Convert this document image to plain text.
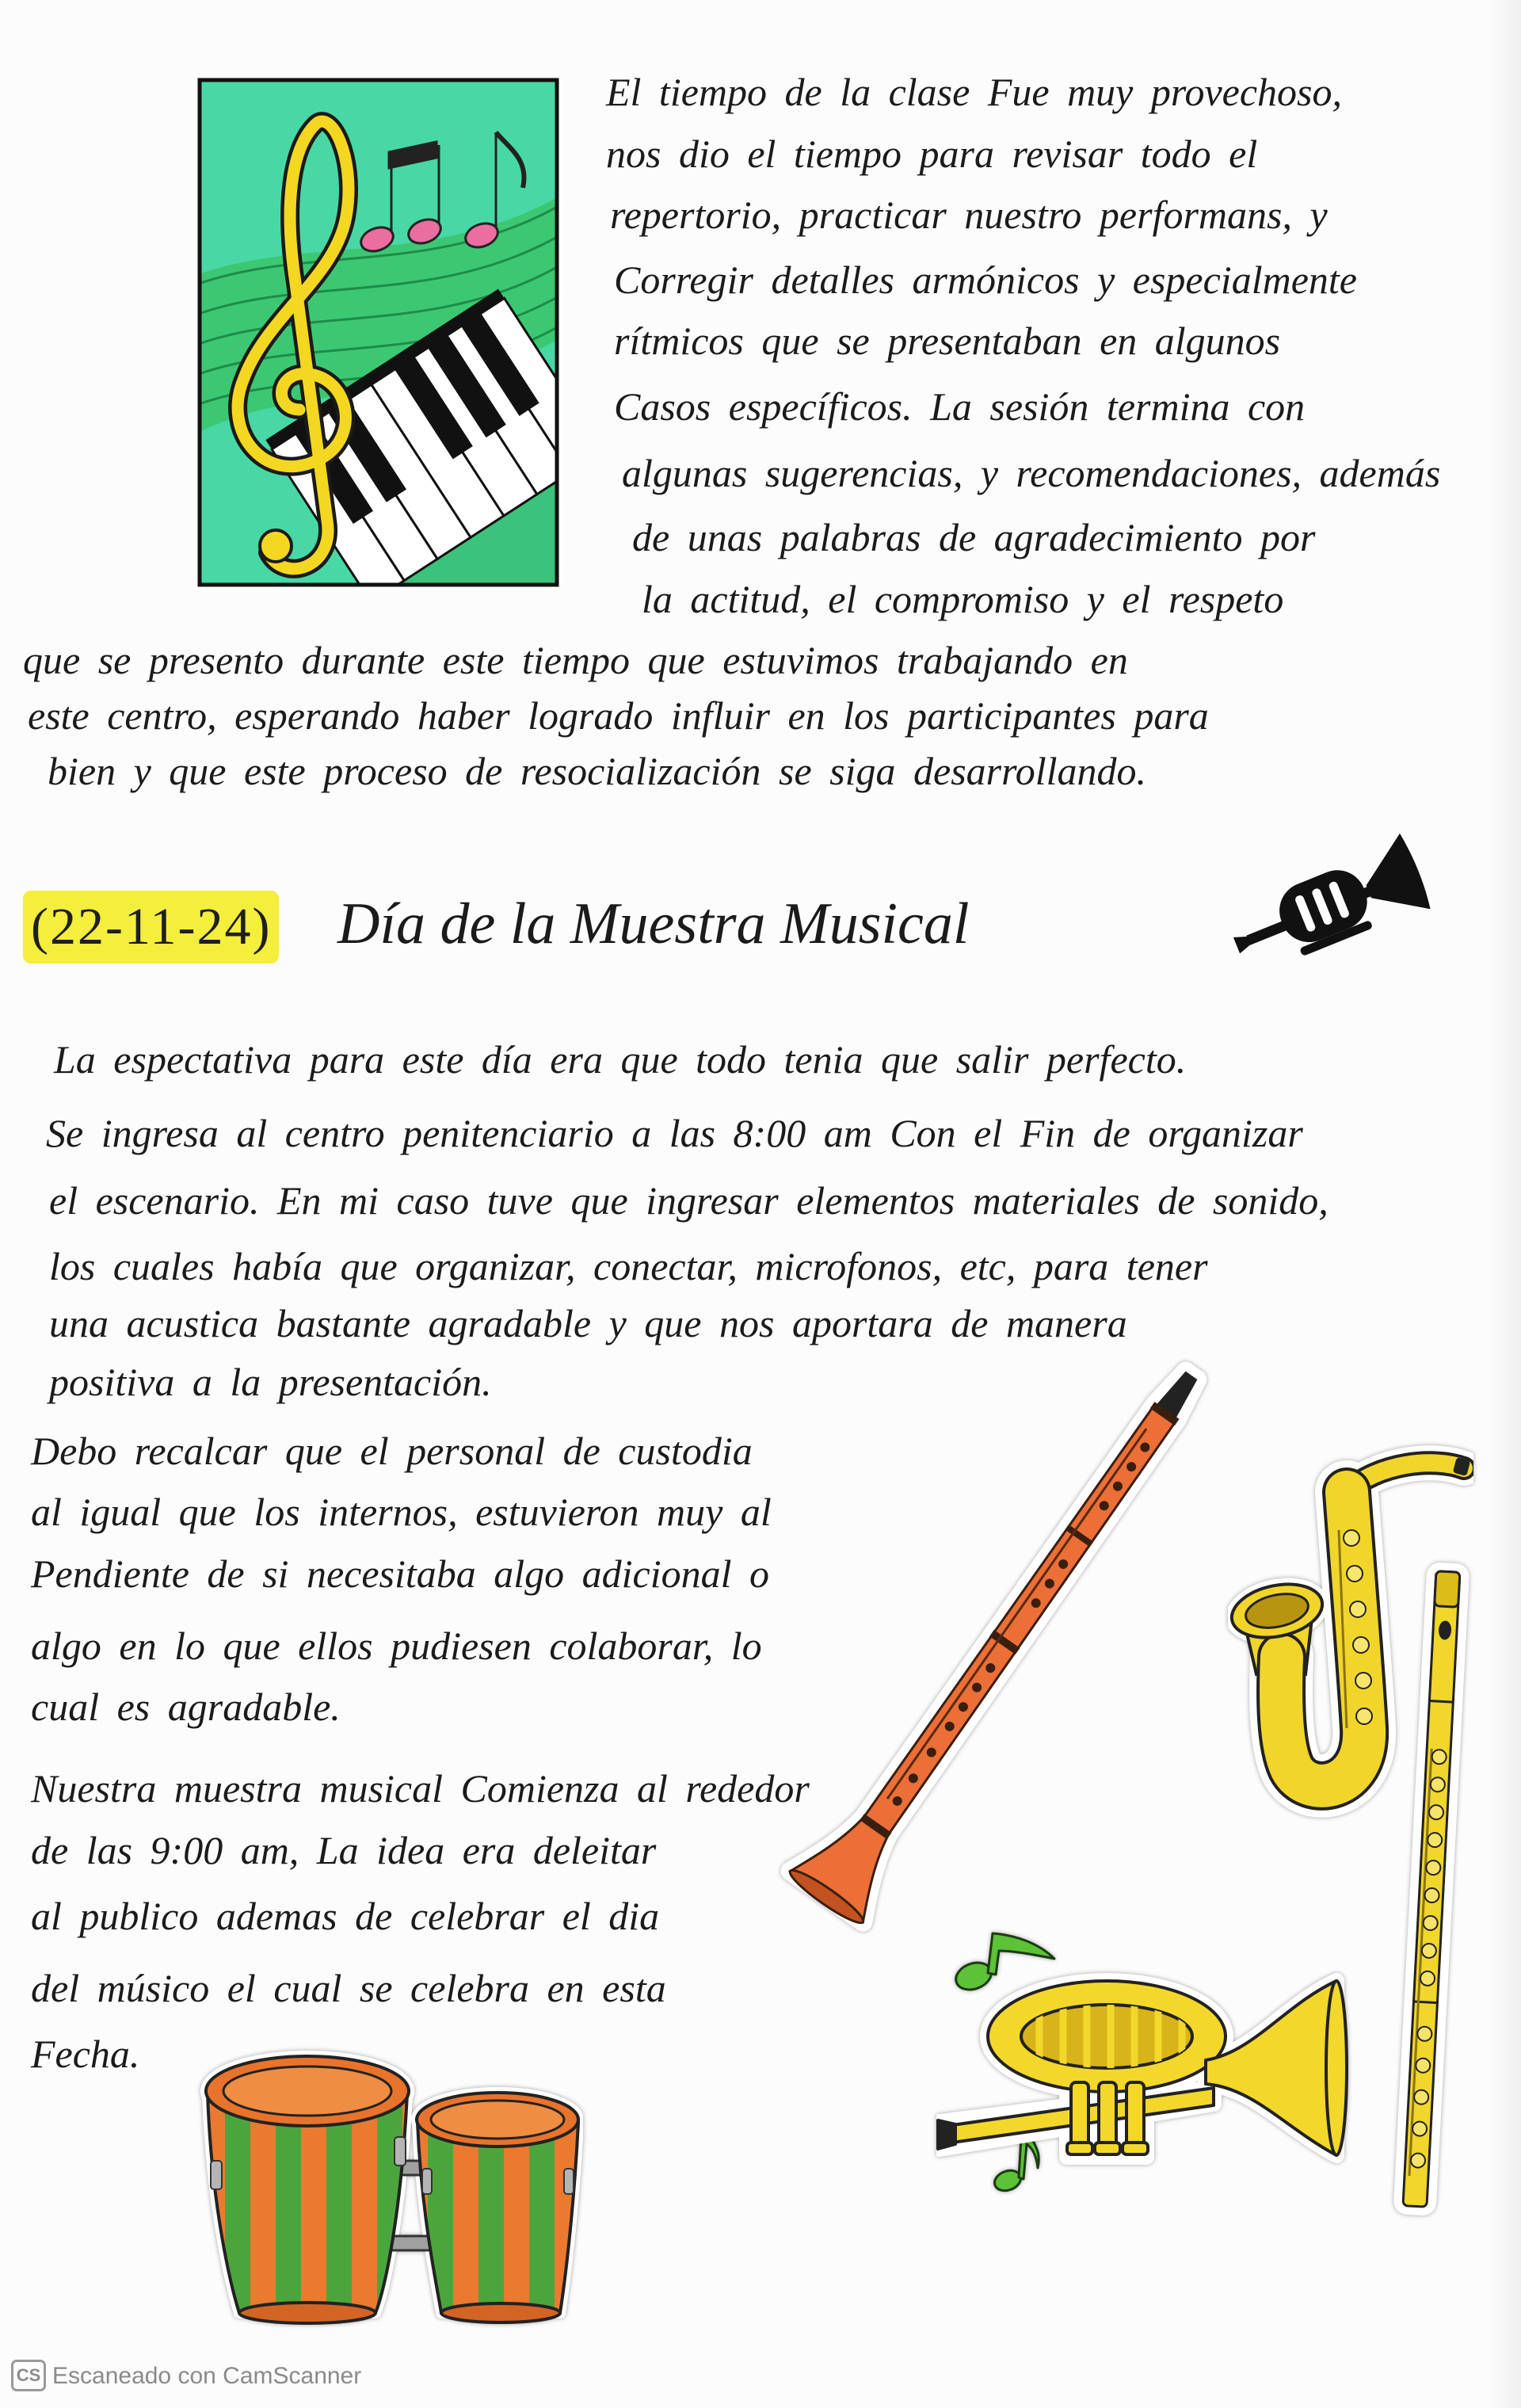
El tiempo de la clase Fue muy provechoso,
nos dio el tiempo para revisar todo el
repertorio, practicar nuestro performans, y
Corregir detalles armónicos y especialmente
rítmicos que se presentaban en algunos
Casos específicos. La sesión termina con
algunas sugerencias, y recomendaciones, además
de unas palabras de agradecimiento por
la actitud, el compromiso y el respeto
que se presento durante este tiempo que estuvimos trabajando en
este centro, esperando haber logrado influir en los participantes para
bien y que este proceso de resocialización se siga desarrollando.
(22-11-24) Día de la Muestra Musical
La espectativa para este día era que todo tenia que salir perfecto.
Se ingresa al centro penitenciario a las 8:00 am Con el Fin de organizar
el escenario. En mi caso tuve que ingresar elementos materiales de sonido,
los cuales había que organizar, conectar, microfonos, etc, para tener
una acustica bastante agradable y que nos aportara de manera
positiva a la presentación.
Debo recalcar que el personal de custodia
al igual que los internos, estuvieron muy al
Pendiente de si necesitaba algo adicional o
algo en lo que ellos pudiesen colaborar, lo
cual es agradable.
Nuestra muestra musical Comienza al rededor
de las 9:00 am, La idea era deleitar
al publico ademas de celebrar el dia
del músico el cual se celebra en esta
Fecha.
CS Escaneado con CamScanner
